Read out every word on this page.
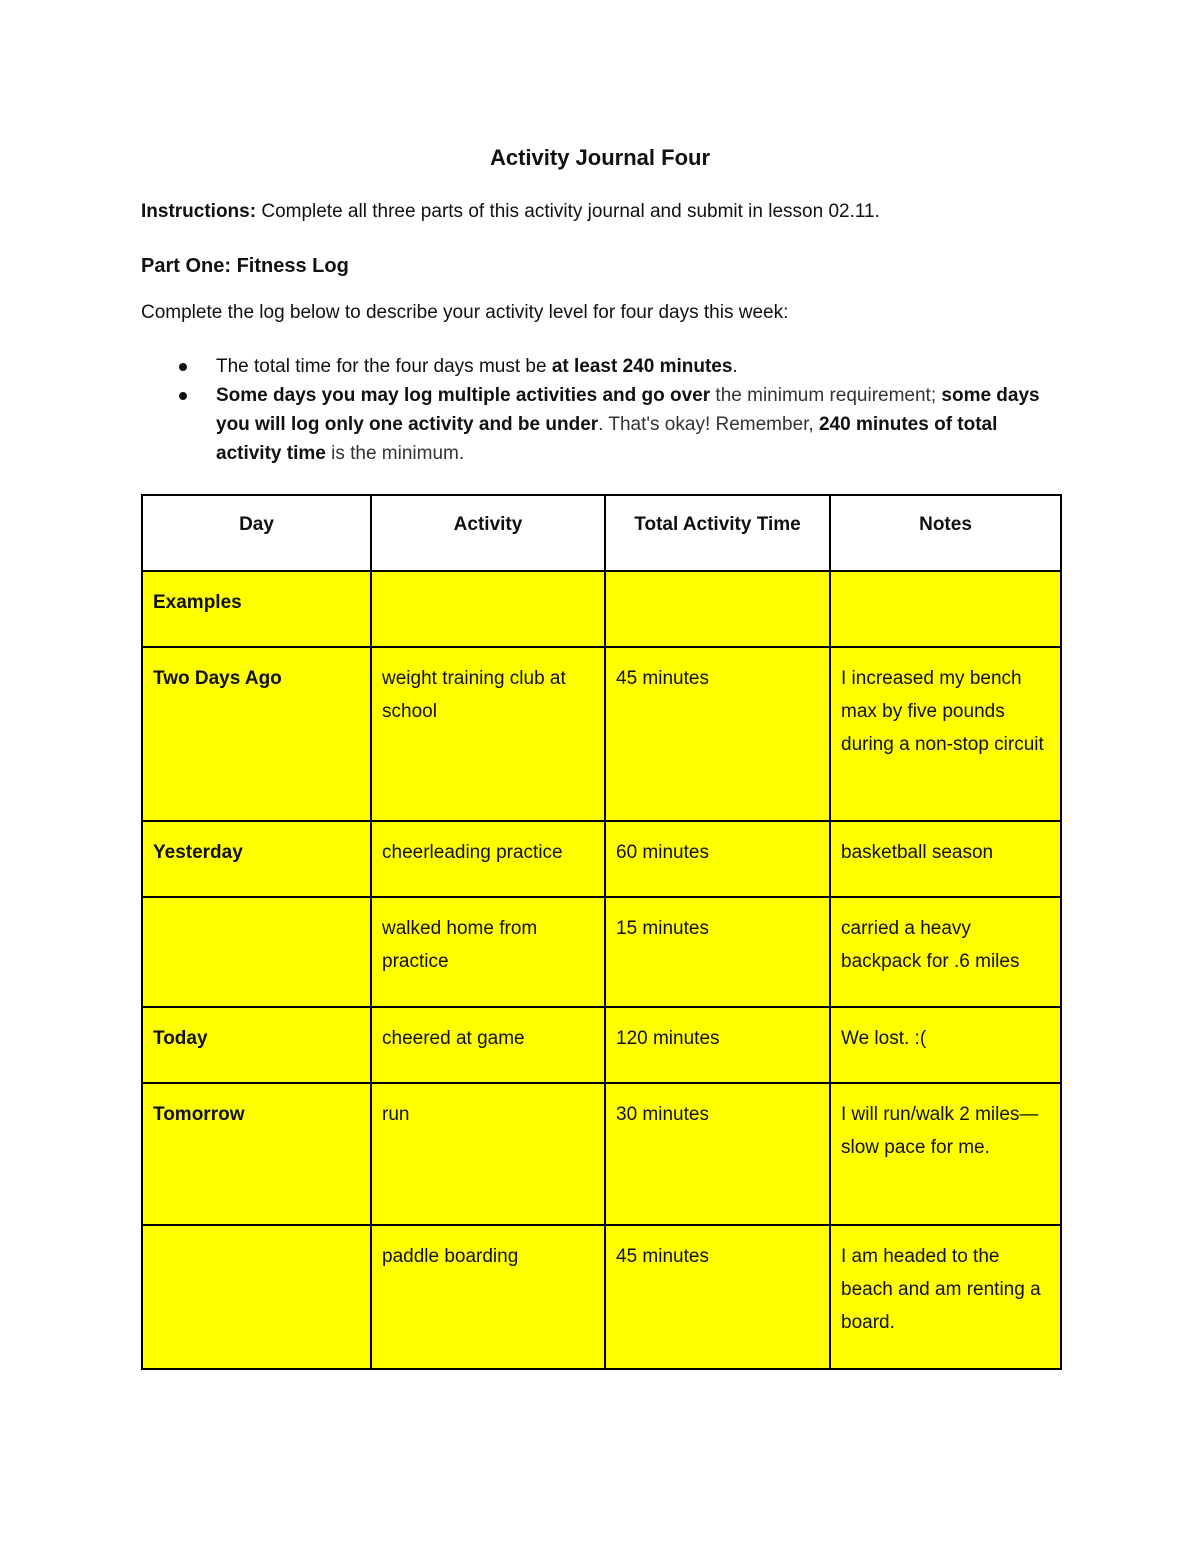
Activity Journal Four
Instructions: Complete all three parts of this activity journal and submit in lesson 02.11.
Part One: Fitness Log
Complete the log below to describe your activity level for four days this week:
The total time for the four days must be at least 240 minutes.
Some days you may log multiple activities and go over the minimum requirement; some days you will log only one activity and be under. That's okay! Remember, 240 minutes of total activity time is the minimum.
Day	Activity	Total Activity Time	Notes
Examples			
Two Days Ago	weight training club at school	45 minutes	I increased my bench max by five pounds during a non-stop circuit
Yesterday	cheerleading practice	60 minutes	basketball season
	walked home from practice	15 minutes	carried a heavy backpack for .6 miles
Today	cheered at game	120 minutes	We lost. :(
Tomorrow	run	30 minutes	I will run/walk 2 miles—slow pace for me.
	paddle boarding	45 minutes	I am headed to the beach and am renting a board.
